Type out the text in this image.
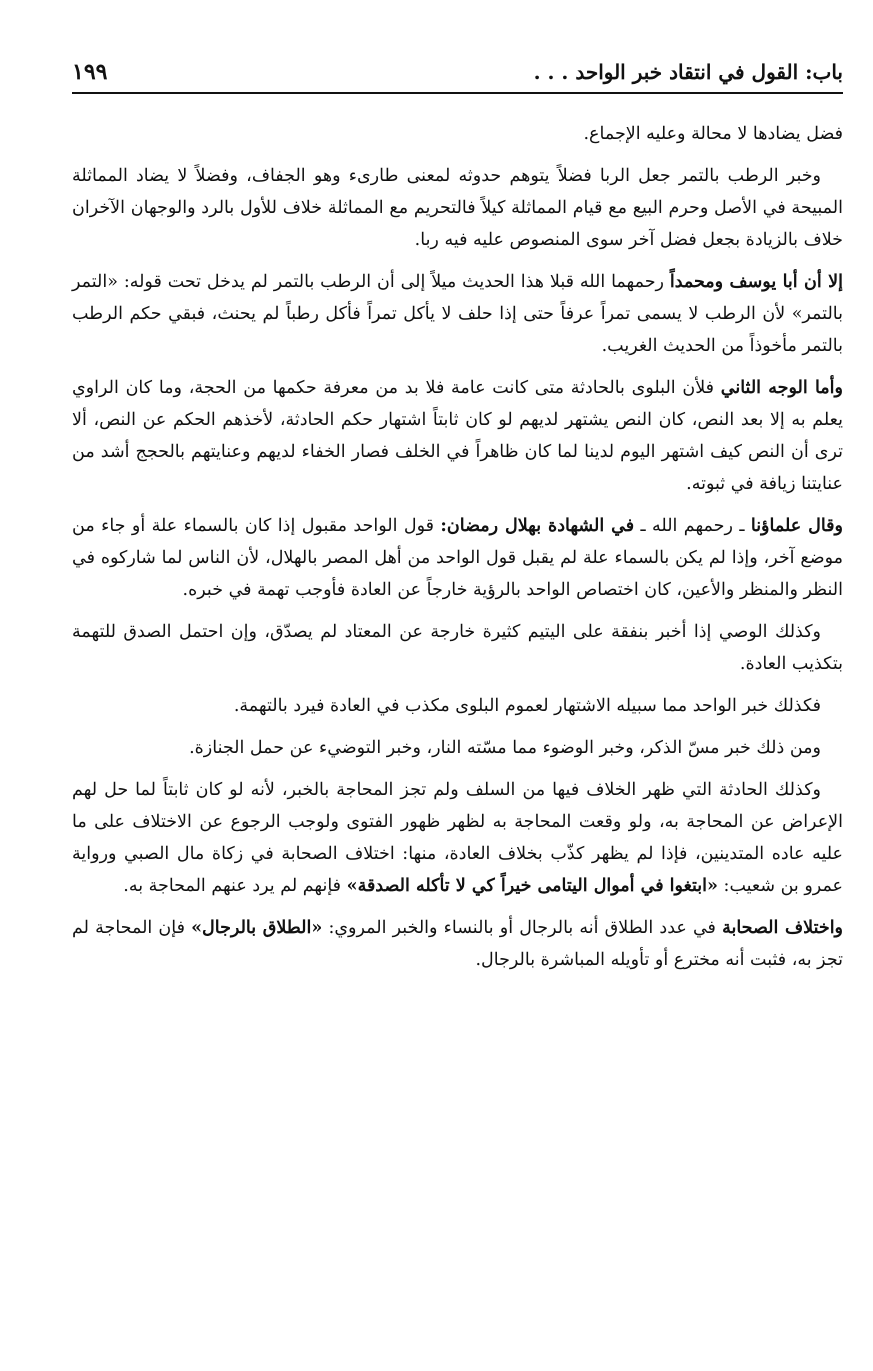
باب: القول في انتقاد خبر الواحد . . .
١٩٩

فضل يضادها لا محالة وعليه الإجماع.

وخبر الرطب بالتمر جعل الربا فضلاً يتوهم حدوثه لمعنى طارىء وهو الجفاف، وفضلاً لا يضاد المماثلة المبيحة في الأصل وحرم البيع مع قيام المماثلة كيلاً فالتحريم مع المماثلة خلاف للأول بالرد والوجهان الآخران خلاف بالزيادة بجعل فضل آخر سوى المنصوص عليه فيه ربا.

إلا أن أبا يوسف ومحمداً رحمهما الله قبلا هذا الحديث ميلاً إلى أن الرطب بالتمر لم يدخل تحت قوله: «التمر بالتمر» لأن الرطب لا يسمى تمراً عرفاً حتى إذا حلف لا يأكل تمراً فأكل رطباً لم يحنث، فبقي حكم الرطب بالتمر مأخوذاً من الحديث الغريب.

وأما الوجه الثاني فلأن البلوى بالحادثة متى كانت عامة فلا بد من معرفة حكمها من الحجة، وما كان الراوي يعلم به إلا بعد النص، كان النص يشتهر لديهم لو كان ثابتاً اشتهار حكم الحادثة، لأخذهم الحكم عن النص، ألا ترى أن النص كيف اشتهر اليوم لدينا لما كان ظاهراً في الخلف فصار الخفاء لديهم وعنايتهم بالحجج أشد من عنايتنا زيافة في ثبوته.

وقال علماؤنا ـ رحمهم الله ـ في الشهادة بهلال رمضان: قول الواحد مقبول إذا كان بالسماء علة أو جاء من موضع آخر، وإذا لم يكن بالسماء علة لم يقبل قول الواحد من أهل المصر بالهلال، لأن الناس لما شاركوه في النظر والمنظر والأعين، كان اختصاص الواحد بالرؤية خارجاً عن العادة فأوجب تهمة في خبره.

وكذلك الوصي إذا أخبر بنفقة على اليتيم كثيرة خارجة عن المعتاد لم يصدّق، وإن احتمل الصدق للتهمة بتكذيب العادة.

فكذلك خبر الواحد مما سبيله الاشتهار لعموم البلوى مكذب في العادة فيرد بالتهمة.

ومن ذلك خبر مسّ الذكر، وخبر الوضوء مما مسّته النار، وخبر التوضيء عن حمل الجنازة.

وكذلك الحادثة التي ظهر الخلاف فيها من السلف ولم تجز المحاجة بالخبر، لأنه لو كان ثابتاً لما حل لهم الإعراض عن المحاجة به، ولو وقعت المحاجة به لظهر ظهور الفتوى ولوجب الرجوع عن الاختلاف على ما عليه عاده المتدينين، فإذا لم يظهر كذّب بخلاف العادة، منها: اختلاف الصحابة في زكاة مال الصبي ورواية عمرو بن شعيب: «ابتغوا في أموال اليتامى خيراً كي لا تأكله الصدقة» فإنهم لم يرد عنهم المحاجة به.

واختلاف الصحابة في عدد الطلاق أنه بالرجال أو بالنساء والخبر المروي: «الطلاق بالرجال» فإن المحاجة لم تجز به، فثبت أنه مخترع أو تأويله المباشرة بالرجال.
